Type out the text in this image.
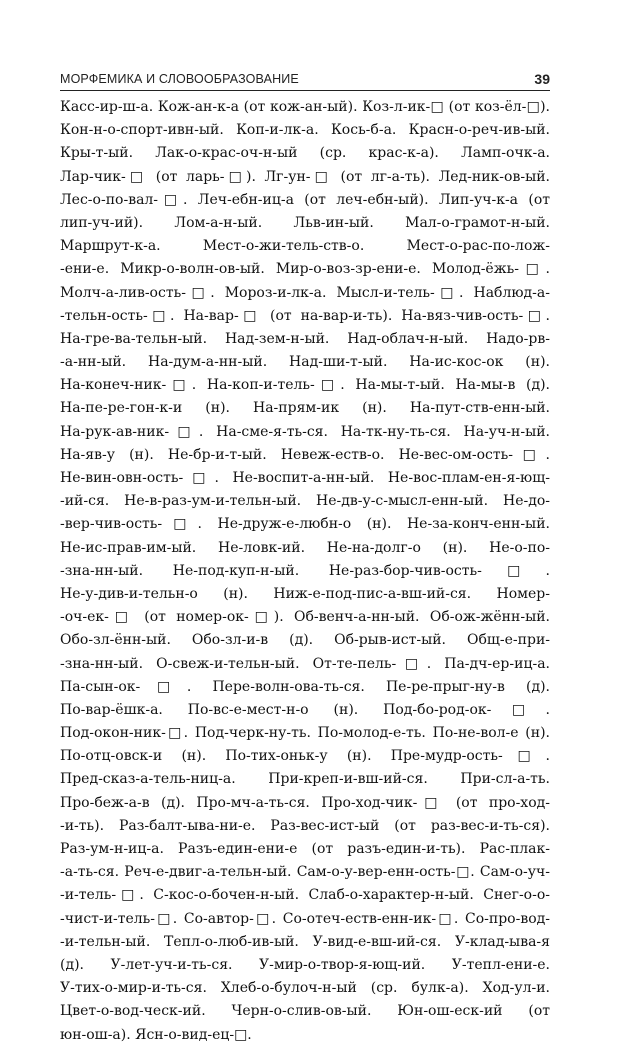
МОРФЕМИКА И СЛОВООБРАЗОВАНИЕ	39
Касс-ир-ш-а. Кож-ан-к-а (от кож-ан-ый). Коз-л-ик-□ (от коз-ёл-□).
Кон-н-о-спорт-ивн-ый. Коп-и-лк-а. Кось-б-а. Красн-о-реч-ив-ый.
Кры-т-ый. Лак-о-крас-оч-н-ый (ср. крас-к-а). Ламп-очк-а.
Лар-чик-□ (от ларь-□). Лг-ун-□ (от лг-а-ть). Лед-ник-ов-ый.
Лес-о-по-вал-□. Леч-ебн-иц-а (от леч-ебн-ый). Лип-уч-к-а (от
лип-уч-ий). Лом-а-н-ый. Льв-ин-ый. Мал-о-грамот-н-ый.
Маршрут-к-а. Мест-о-жи-тель-ств-о. Мест-о-рас-по-лож-
-ени-е. Микр-о-волн-ов-ый. Мир-о-воз-зр-ени-е. Молод-ёжь-□.
Молч-а-лив-ость-□. Мороз-и-лк-а. Мысл-и-тель-□. Наблюд-а-
-тельн-ость-□. На-вар-□ (от на-вар-и-ть). На-вяз-чив-ость-□.
На-гре-ва-тельн-ый. Над-зем-н-ый. Над-облач-н-ый. Надо-рв-
-а-нн-ый. На-дум-а-нн-ый. Над-ши-т-ый. На-ис-кос-ок (н).
На-конеч-ник-□. На-коп-и-тель-□. На-мы-т-ый. На-мы-в (д).
На-пе-ре-гон-к-и (н). На-прям-ик (н). На-пут-ств-енн-ый.
На-рук-ав-ник-□. На-сме-я-ть-ся. На-тк-ну-ть-ся. На-уч-н-ый.
На-яв-у (н). Не-бр-и-т-ый. Невеж-еств-о. Не-вес-ом-ость-□.
Не-вин-овн-ость-□. Не-воспит-а-нн-ый. Не-вос-плам-ен-я-ющ-
-ий-ся. Не-в-раз-ум-и-тельн-ый. Не-дв-у-с-мысл-енн-ый. Не-до-
-вер-чив-ость-□. Не-друж-е-любн-о (н). Не-за-конч-енн-ый.
Не-ис-прав-им-ый. Не-ловк-ий. Не-на-долг-о (н). Не-о-по-
-зна-нн-ый. Не-под-куп-н-ый. Не-раз-бор-чив-ость-□.
Не-у-див-и-тельн-о (н). Ниж-е-под-пис-а-вш-ий-ся. Номер-
-оч-ек-□ (от номер-ок-□). Об-венч-а-нн-ый. Об-ож-жённ-ый.
Обо-зл-ённ-ый. Обо-зл-и-в (д). Об-рыв-ист-ый. Общ-е-при-
-зна-нн-ый. О-свеж-и-тельн-ый. От-те-пель-□. Па-дч-ер-иц-а.
Па-сын-ок-□. Пере-волн-ова-ть-ся. Пе-ре-прыг-ну-в (д).
По-вар-ёшк-а. По-вс-е-мест-н-о (н). Под-бо-род-ок-□.
Под-окон-ник-□. Под-черк-ну-ть. По-молод-е-ть. По-не-вол-е (н).
По-отц-овск-и (н). По-тих-оньк-у (н). Пре-мудр-ость-□.
Пред-сказ-а-тель-ниц-а. При-креп-и-вш-ий-ся. При-сл-а-ть.
Про-беж-а-в (д). Про-мч-а-ть-ся. Про-ход-чик-□ (от про-ход-
-и-ть). Раз-балт-ыва-ни-е. Раз-вес-ист-ый (от раз-вес-и-ть-ся).
Раз-ум-н-иц-а. Разъ-един-ени-е (от разъ-един-и-ть). Рас-плак-
-а-ть-ся. Реч-е-двиг-а-тельн-ый. Сам-о-у-вер-енн-ость-□. Сам-о-уч-
-и-тель-□. С-кос-о-бочен-н-ый. Слаб-о-характер-н-ый. Снег-о-о-
-чист-и-тель-□. Со-автор-□. Со-отеч-еств-енн-ик-□. Со-про-вод-
-и-тельн-ый. Тепл-о-люб-ив-ый. У-вид-е-вш-ий-ся. У-клад-ыва-я
(д). У-лет-уч-и-ть-ся. У-мир-о-твор-я-ющ-ий. У-тепл-ени-е.
У-тих-о-мир-и-ть-ся. Хлеб-о-булоч-н-ый (ср. булк-а). Ход-ул-и.
Цвет-о-вод-ческ-ий. Черн-о-слив-ов-ый. Юн-ош-еск-ий (от
юн-ош-а). Ясн-о-вид-ец-□.
